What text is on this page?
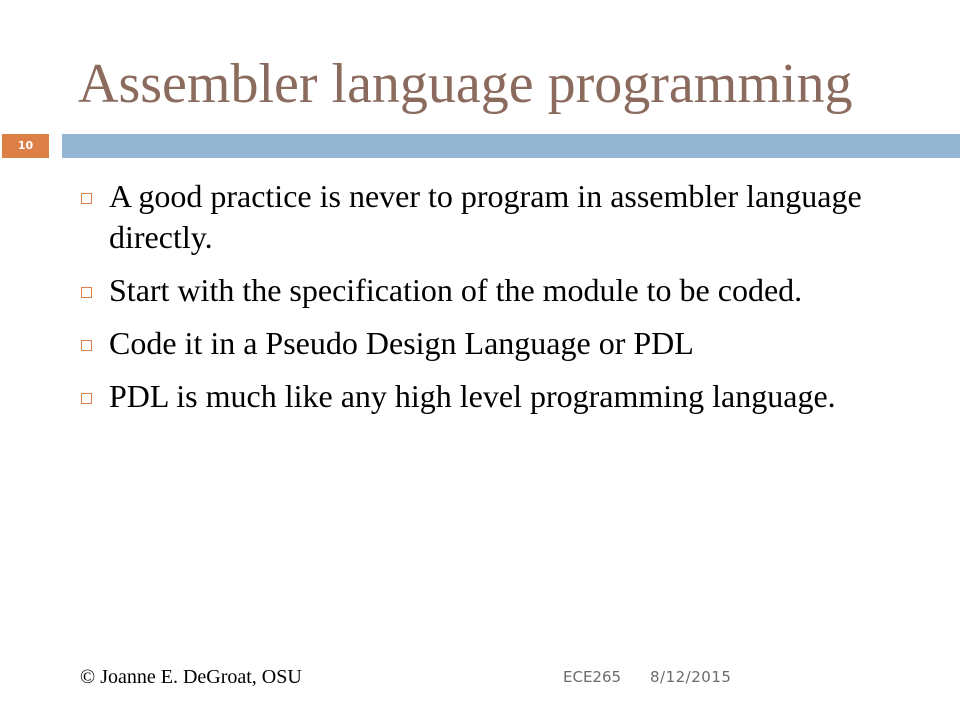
Assembler language programming
10
A good practice is never to program in assembler language directly.
Start with the specification of the module to be coded.
Code it in a Pseudo Design Language or PDL
PDL is much like any high level programming language.
© Joanne E. DeGroat, OSU	ECE265 8/12/2015
